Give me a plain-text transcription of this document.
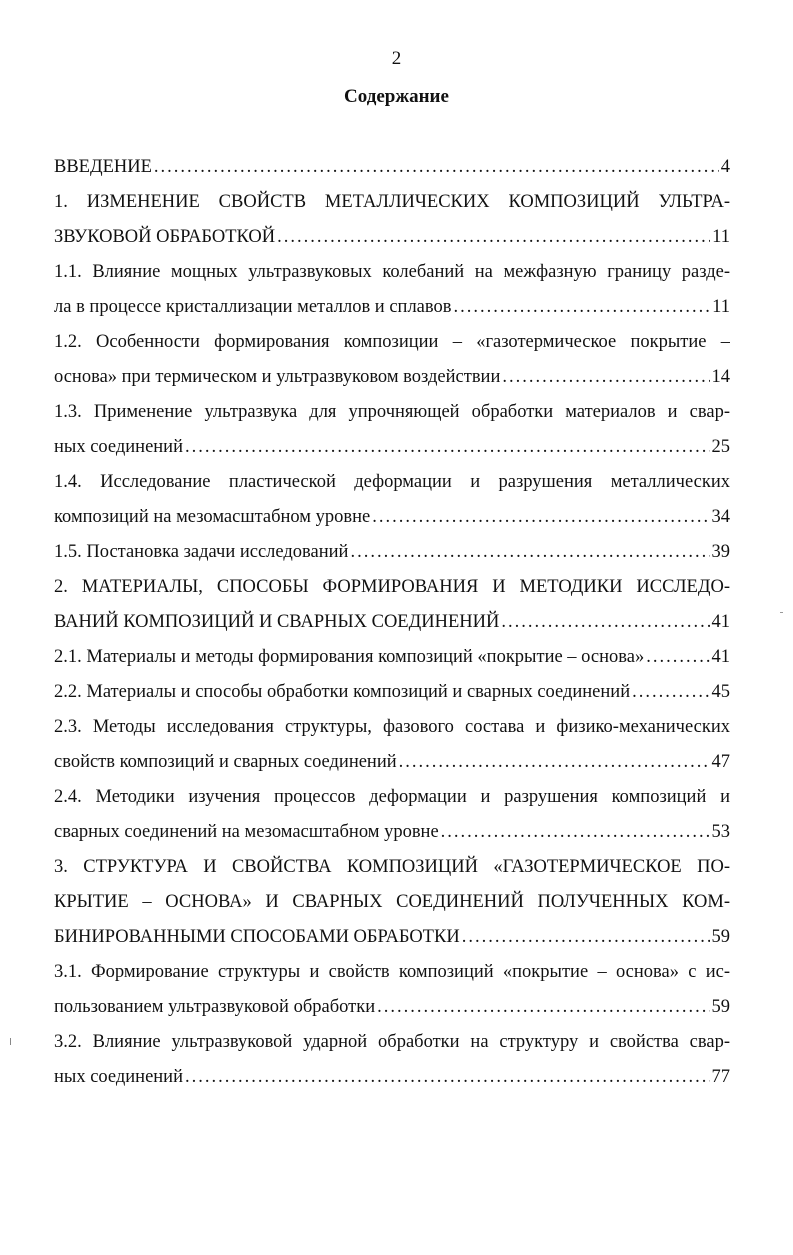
2
Содержание
ВВЕДЕНИЕ .....	4
1. ИЗМЕНЕНИЕ СВОЙСТВ МЕТАЛЛИЧЕСКИХ КОМПОЗИЦИЙ УЛЬТРА-
ЗВУКОВОЙ ОБРАБОТКОЙ .....	11
1.1. Влияние мощных ультразвуковых колебаний на межфазную границу разде-
ла в процессе кристаллизации металлов и сплавов .....	11
1.2. Особенности формирования композиции – «газотермическое покрытие –
основа» при термическом и ультразвуковом воздействии .....	14
1.3. Применение ультразвука для упрочняющей обработки материалов и свар-
ных соединений .....	25
1.4. Исследование пластической деформации и разрушения металлических
композиций на мезомасштабном уровне .....	34
1.5. Постановка задачи исследований .....	39
2. МАТЕРИАЛЫ, СПОСОБЫ ФОРМИРОВАНИЯ И МЕТОДИКИ ИССЛЕДО-
ВАНИЙ КОМПОЗИЦИЙ И СВАРНЫХ СОЕДИНЕНИЙ .....	41
2.1. Материалы и методы формирования композиций «покрытие – основа» .....	41
2.2. Материалы и способы обработки композиций и сварных соединений .....	45
2.3. Методы исследования структуры, фазового состава и физико-механических
свойств композиций и сварных соединений .....	47
2.4. Методики изучения процессов деформации и разрушения композиций и
сварных соединений на мезомасштабном уровне .....	53
3. СТРУКТУРА И СВОЙСТВА КОМПОЗИЦИЙ «ГАЗОТЕРМИЧЕСКОЕ ПО-
КРЫТИЕ – ОСНОВА» И СВАРНЫХ СОЕДИНЕНИЙ ПОЛУЧЕННЫХ КОМ-
БИНИРОВАННЫМИ СПОСОБАМИ ОБРАБОТКИ .....	59
3.1. Формирование структуры и свойств композиций «покрытие – основа» с ис-
пользованием ультразвуковой обработки .....	59
3.2. Влияние ультразвуковой ударной обработки на структуру и свойства свар-
ных соединений .....	77
